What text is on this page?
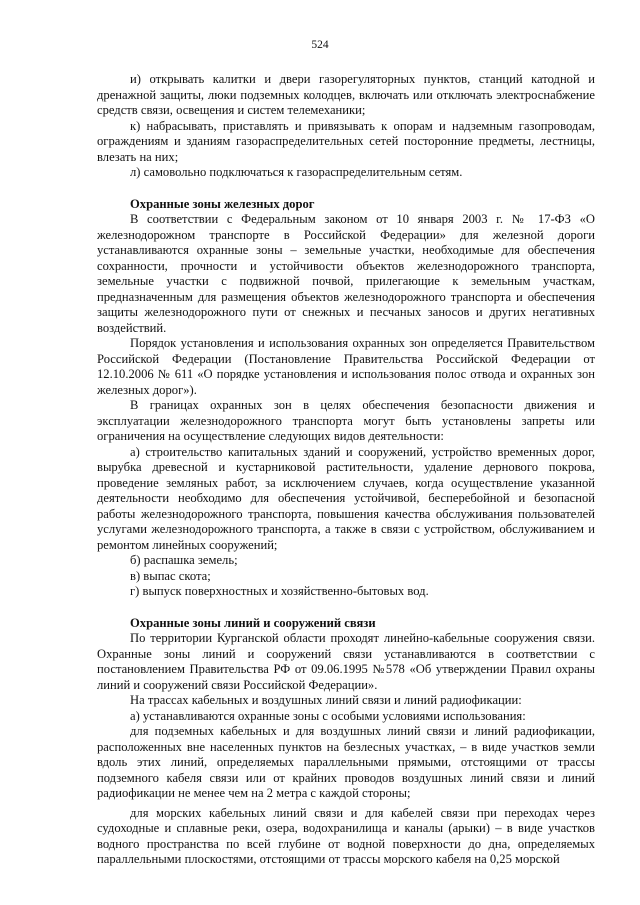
524

и) открывать калитки и двери газорегуляторных пунктов, станций катодной и дренажной защиты, люки подземных колодцев, включать или отключать электроснабжение средств связи, освещения и систем телемеханики;

к) набрасывать, приставлять и привязывать к опорам и надземным газопроводам, ограждениям и зданиям газораспределительных сетей посторонние предметы, лестницы, влезать на них;

л) самовольно подключаться к газораспределительным сетям.

Охранные зоны железных дорог

В соответствии с Федеральным законом от 10 января 2003 г. № 17-ФЗ «О железнодорожном транспорте в Российской Федерации» для железной дороги устанавливаются охранные зоны – земельные участки, необходимые для обеспечения сохранности, прочности и устойчивости объектов железнодорожного транспорта, земельные участки с подвижной почвой, прилегающие к земельным участкам, предназначенным для размещения объектов железнодорожного транспорта и обеспечения защиты железнодорожного пути от снежных и песчаных заносов и других негативных воздействий.

Порядок установления и использования охранных зон определяется Правительством Российской Федерации (Постановление Правительства Российской Федерации от 12.10.2006 № 611 «О порядке установления и использования полос отвода и охранных зон железных дорог»).

В границах охранных зон в целях обеспечения безопасности движения и эксплуатации железнодорожного транспорта могут быть установлены запреты или ограничения на осуществление следующих видов деятельности:

а) строительство капитальных зданий и сооружений, устройство временных дорог, вырубка древесной и кустарниковой растительности, удаление дернового покрова, проведение земляных работ, за исключением случаев, когда осуществление указанной деятельности необходимо для обеспечения устойчивой, бесперебойной и безопасной работы железнодорожного транспорта, повышения качества обслуживания пользователей услугами железнодорожного транспорта, а также в связи с устройством, обслуживанием и ремонтом линейных сооружений;

б) распашка земель;

в) выпас скота;

г) выпуск поверхностных и хозяйственно-бытовых вод.

Охранные зоны линий и сооружений связи

По территории Курганской области проходят линейно-кабельные сооружения связи. Охранные зоны линий и сооружений связи устанавливаются в соответствии с постановлением Правительства РФ от 09.06.1995 №578 «Об утверждении Правил охраны линий и сооружений связи Российской Федерации».

На трассах кабельных и воздушных линий связи и линий радиофикации:

а) устанавливаются охранные зоны с особыми условиями использования:

для подземных кабельных и для воздушных линий связи и линий радиофикации, расположенных вне населенных пунктов на безлесных участках, – в виде участков земли вдоль этих линий, определяемых параллельными прямыми, отстоящими от трассы подземного кабеля связи или от крайних проводов воздушных линий связи и линий радиофикации не менее чем на 2 метра с каждой стороны;

для морских кабельных линий связи и для кабелей связи при переходах через судоходные и сплавные реки, озера, водохранилища и каналы (арыки) – в виде участков водного пространства по всей глубине от водной поверхности до дна, определяемых параллельными плоскостями, отстоящими от трассы морского кабеля на 0,25 морской
